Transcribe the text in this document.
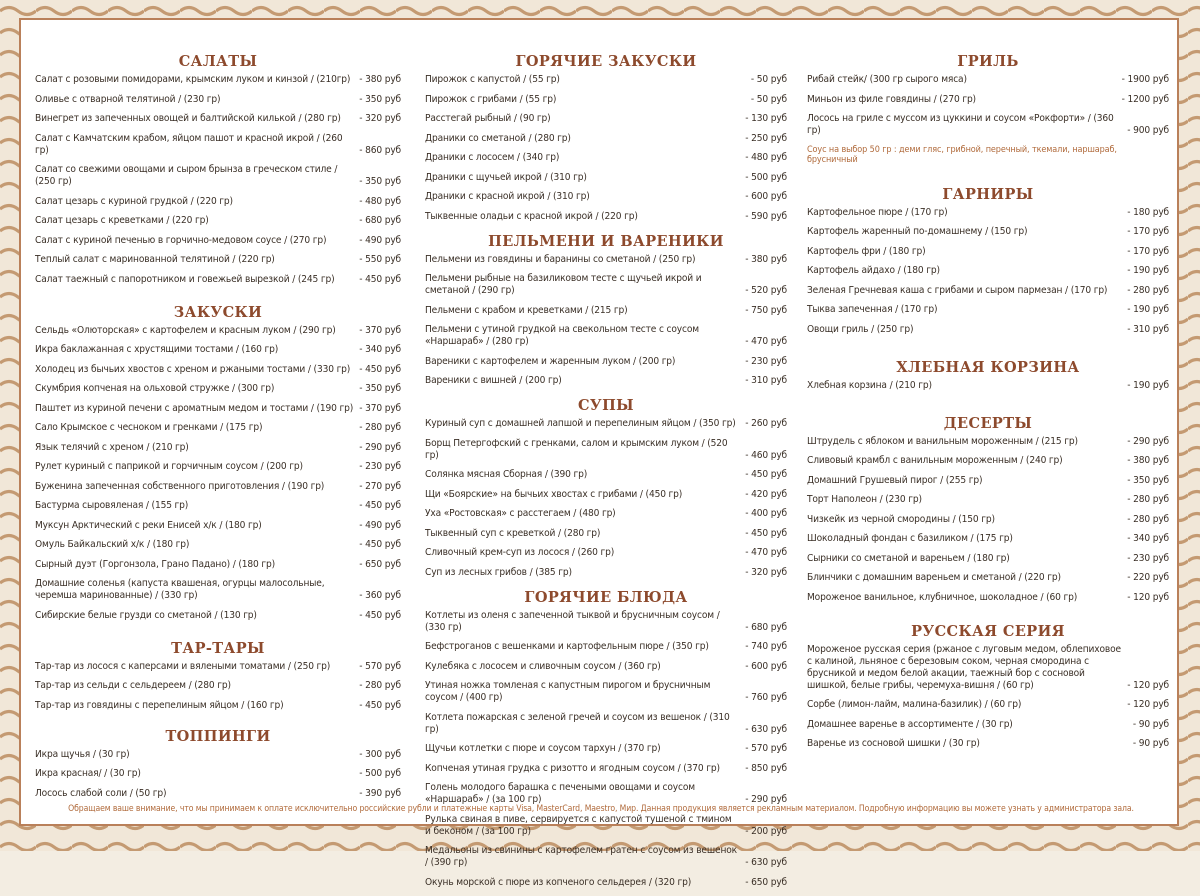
САЛАТЫ
Салат с розовыми помидорами, крымским луком и кинзой / (210гр) - 380 руб
Оливье с отварной телятиной / (230 гр)	- 350 руб
Винегрет из запеченных овощей и балтийской килькой / (280 гр)	- 320 руб
Салат с Камчатским крабом, яйцом пашот и красной икрой / (260 гр)	- 860 руб
Салат со свежими овощами и сыром брынза в греческом стиле / (250 гр)	- 350 руб
Салат цезарь с куриной грудкой / (220 гр)	- 480 руб
Салат цезарь с креветками / (220 гр)	- 680 руб
Салат с куриной печенью в горчично-медовом соусе / (270 гр)	- 490 руб
Теплый салат с маринованной телятиной / (220 гр)	- 550 руб
Салат таежный с папоротником и говежьей вырезкой / (245 гр)	- 450 руб
ЗАКУСКИ
Сельдь «Олюторская» с картофелем и красным луком / (290 гр)	- 370 руб
Икра баклажанная с хрустящими тостами / (160 гр)	- 340 руб
Холодец из бычьих хвостов с хреном и ржаными тостами / (330 гр) - 450 руб
Скумбрия копченая на ольховой стружке / (300 гр)	- 350 руб
Паштет из куриной печени с ароматным медом и тостами / (190 гр) - 370 руб
Сало Крымское с чесноком и гренками / (175 гр)	- 280 руб
Язык телячий с хреном / (210 гр)	- 290 руб
Рулет куриный с паприкой и горчичным соусом / (200 гр)	- 230 руб
Буженина запеченная собственного приготовления / (190 гр)	- 270 руб
Бастурма сыровяленая / (155 гр)	- 450 руб
Муксун Арктический с реки Енисей х/к / (180 гр)	- 490 руб
Омуль Байкальский х/к / (180 гр)	- 450 руб
Сырный дуэт (Горгонзола, Грано Падано) / (180 гр)	- 650 руб
Домашние соленья (капуста квашеная, огурцы малосольные, черемша маринованные) / (330 гр)	- 360 руб
Сибирские белые грузди со сметаной / (130 гр)	- 450 руб
ТАР-ТАРЫ
Тар-тар из лосося с каперсами и вялеными томатами / (250 гр)	- 570 руб
Тар-тар из сельди с сельдереем / (280 гр)	- 280 руб
Тар-тар из говядины с перепелиным яйцом / (160 гр)	- 450 руб
ТОППИНГИ
Икра щучья / (30 гр)	- 300 руб
Икра красная/ / (30 гр)	- 500 руб
Лосось слабой соли / (50 гр)	- 390 руб
ГОРЯЧИЕ ЗАКУСКИ
Пирожок с капустой / (55 гр)	- 50 руб
Пирожок с грибами / (55 гр)	- 50 руб
Расстегай рыбный / (90 гр)	- 130 руб
Драники со сметаной / (280 гр)	- 250 руб
Драники с лососем / (340 гр)	- 480 руб
Драники с щучьей икрой / (310 гр)	- 500 руб
Драники с красной икрой / (310 гр)	- 600 руб
Тыквенные оладьи с красной икрой / (220 гр)	- 590 руб
ПЕЛЬМЕНИ И ВАРЕНИКИ
Пельмени из говядины и баранины со сметаной / (250 гр)	- 380 руб
Пельмени рыбные на базиликовом тесте с щучьей икрой и сметаной / (290 гр)	- 520 руб
Пельмени с крабом и креветками / (215 гр)	- 750 руб
Пельмени с утиной грудкой на свекольном тесте с соусом «Наршараб» / (280 гр)	- 470 руб
Вареники с картофелем и жаренным луком / (200 гр)	- 230 руб
Вареники с вишней / (200 гр)	- 310 руб
СУПЫ
Куриный суп с домашней лапшой и перепелиным яйцом / (350 гр) - 260 руб
Борщ Петергофский с гренками, салом и крымским луком / (520 гр)	- 460 руб
Солянка мясная Сборная / (390 гр)	- 450 руб
Щи «Боярские» на бычьих хвостах с грибами / (450 гр)	- 420 руб
Уха «Ростовская» с расстегаем / (480 гр)	- 400 руб
Тыквенный суп с креветкой / (280 гр)	- 450 руб
Сливочный крем-суп из лосося / (260 гр)	- 470 руб
Суп из лесных грибов / (385 гр)	- 320 руб
ГОРЯЧИЕ БЛЮДА
Котлеты из оленя с запеченной тыквой и брусничным соусом / (330 гр)	- 680 руб
Бефстроганов с вешенками и картофельным пюре / (350 гр)	- 740 руб
Кулебяка с лососем и сливочным соусом / (360 гр)	- 600 руб
Утиная ножка томленая с капустным пирогом и брусничным соусом / (400 гр)	- 760 руб
Котлета пожарская с зеленой гречей и соусом из вешенок / (310 гр)	- 630 руб
Щучьи котлетки с пюре и соусом тархун / (370 гр)	- 570 руб
Копченая утиная грудка с ризотто и ягодным соусом / (370 гр)	- 850 руб
Голень молодого барашка с печеными овощами и соусом «Наршараб» / (за 100 гр)	- 290 руб
Рулька свиная в пиве, сервируется с капустой тушеной с тмином и беконом / (за 100 гр)	- 200 руб
Медальоны из свинины с картофелем гратен с соусом из вешенок / (390 гр)	- 630 руб
Окунь морской с пюре из копченого сельдерея / (320 гр)	- 650 руб
ГРИЛЬ
Рибай стейк/ (300 гр сырого мяса)	- 1900 руб
Миньон из филе говядины / (270 гр)	- 1200 руб
Лосось на гриле с муссом из цуккини и соусом «Рокфорти» / (360 гр)	- 900 руб
Соус на выбор 50 гр : деми гляс, грибной, перечный, ткемали, наршараб, брусничный
ГАРНИРЫ
Картофельное пюре / (170 гр)	- 180 руб
Картофель жаренный по-домашнему / (150 гр)	- 170 руб
Картофель фри / (180 гр)	- 170 руб
Картофель айдахо / (180 гр)	- 190 руб
Зеленая Гречневая каша с грибами и сыром пармезан / (170 гр)	- 280 руб
Тыква запеченная / (170 гр)	- 190 руб
Овощи гриль / (250 гр)	- 310 руб
ХЛЕБНАЯ КОРЗИНА
Хлебная корзина / (210 гр)	- 190 руб
ДЕСЕРТЫ
Штрудель с яблоком и ванильным мороженным / (215 гр)	- 290 руб
Сливовый крамбл с ванильным мороженным / (240 гр)	- 380 руб
Домашний Грушевый пирог / (255 гр)	- 350 руб
Торт Наполеон / (230 гр)	- 280 руб
Чизкейк из черной смородины / (150 гр)	- 280 руб
Шоколадный фондан с базиликом / (175 гр)	- 340 руб
Сырники со сметаной и вареньем / (180 гр)	- 230 руб
Блинчики с домашним вареньем и сметаной / (220 гр)	- 220 руб
Мороженое ванильное, клубничное, шоколадное / (60 гр)	- 120 руб
РУССКАЯ СЕРИЯ
Мороженое русская серия (ржаное с луговым медом, облепиховое с калиной, льняное с березовым соком, черная смородина с брусникой и медом белой акации, таежный бор с сосновой шишкой, белые грибы, черемуха-вишня / (60 гр)	- 120 руб
Сорбе (лимон-лайм, малина-базилик) / (60 гр)	- 120 руб
Домашнее варенье в ассортименте / (30 гр)	- 90 руб
Варенье из сосновой шишки / (30 гр)	- 90 руб
Обращаем ваше внимание, что мы принимаем к оплате исключительно российские рубли и платежные карты Visa, MasterCard, Maestro, Мир. Данная продукция является рекламным материалом. Подробную информацию вы можете узнать у администратора зала.
